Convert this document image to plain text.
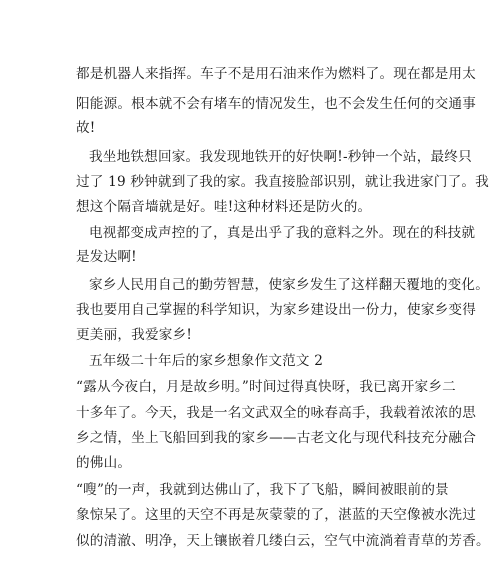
都是机器人来指挥。车子不是用石油来作为燃料了。现在都是用太
阳能源。根本就不会有堵车的情况发生，也不会发生任何的交通事
故!
我坐地铁想回家。我发现地铁开的好快啊!-秒钟一个站，最终只
过了 19 秒钟就到了我的家。我直接脸部识别，就让我进家门了。我
想这个隔音墙就是好。哇!这种材料还是防火的。
电视都变成声控的了，真是出乎了我的意料之外。现在的科技就
是发达啊!
家乡人民用自己的勤劳智慧，使家乡发生了这样翻天覆地的变化。
我也要用自己掌握的科学知识，为家乡建设出一份力，使家乡变得
更美丽，我爱家乡!
五年级二十年后的家乡想象作文范文 2
“露从今夜白，月是故乡明。”时间过得真快呀，我已离开家乡二
十多年了。今天，我是一名文武双全的咏春高手，我载着浓浓的思
乡之情，坐上飞船回到我的家乡——古老文化与现代科技充分融合
的佛山。
“嗖”的一声，我就到达佛山了，我下了飞船，瞬间被眼前的景
象惊呆了。这里的天空不再是灰蒙蒙的了，湛蓝的天空像被水洗过
似的清澈、明净，天上镶嵌着几缕白云，空气中流淌着青草的芳香。
